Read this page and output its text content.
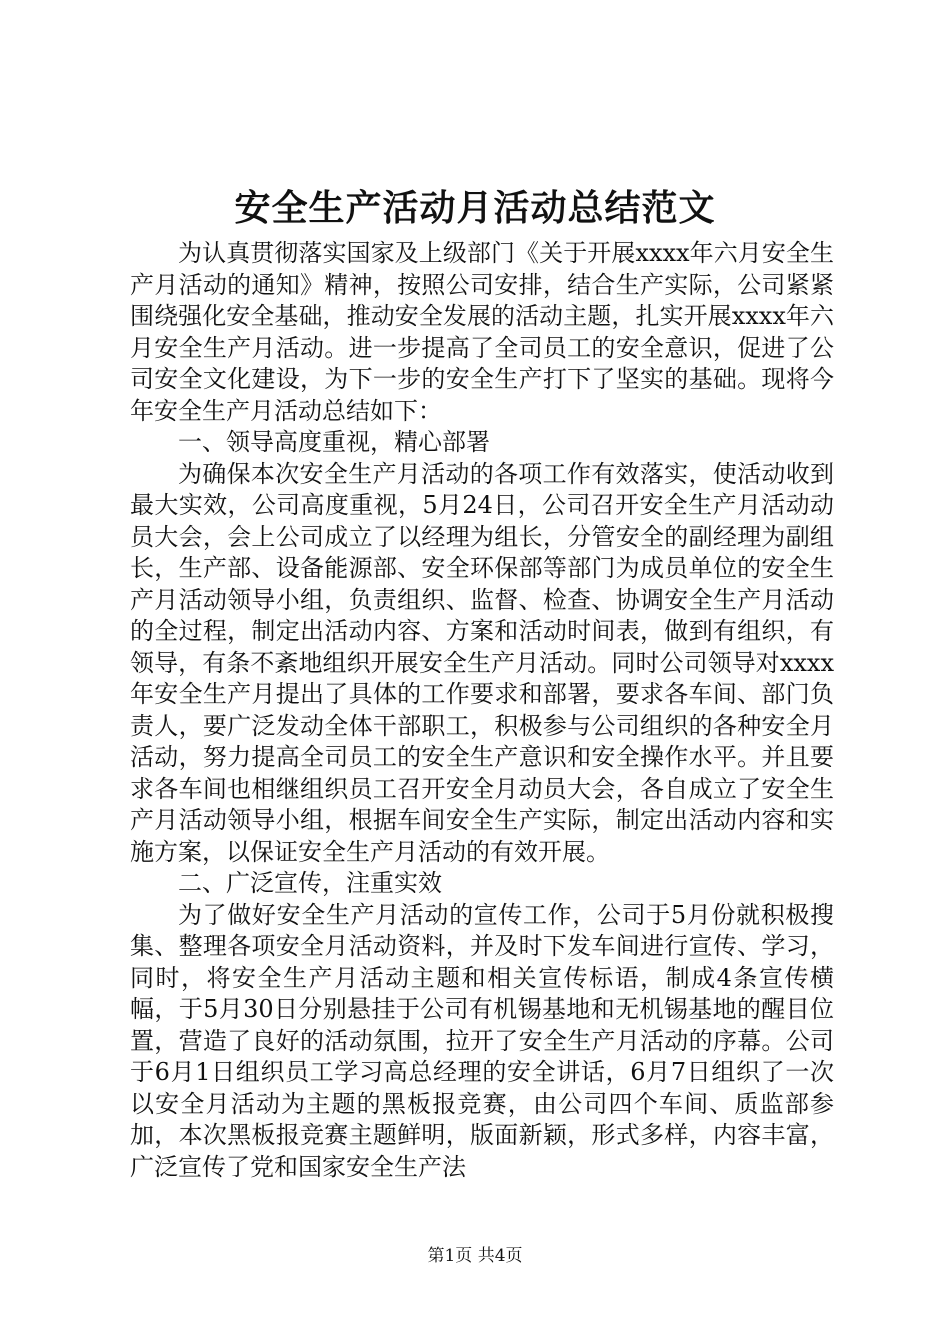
安全生产活动月活动总结范文

为认真贯彻落实国家及上级部门《关于开展xxxx年六月安全生产月活动的通知》精神，按照公司安排，结合生产实际，公司紧紧围绕强化安全基础，推动安全发展的活动主题，扎实开展xxxx年六月安全生产月活动。进一步提高了全司员工的安全意识，促进了公司安全文化建设，为下一步的安全生产打下了坚实的基础。现将今年安全生产月活动总结如下：

一、领导高度重视，精心部署

为确保本次安全生产月活动的各项工作有效落实，使活动收到最大实效，公司高度重视，5月24日，公司召开安全生产月活动动员大会，会上公司成立了以经理为组长，分管安全的副经理为副组长，生产部、设备能源部、安全环保部等部门为成员单位的安全生产月活动领导小组，负责组织、监督、检查、协调安全生产月活动的全过程，制定出活动内容、方案和活动时间表，做到有组织，有领导，有条不紊地组织开展安全生产月活动。同时公司领导对xxxx年安全生产月提出了具体的工作要求和部署，要求各车间、部门负责人，要广泛发动全体干部职工，积极参与公司组织的各种安全月活动，努力提高全司员工的安全生产意识和安全操作水平。并且要求各车间也相继组织员工召开安全月动员大会，各自成立了安全生产月活动领导小组，根据车间安全生产实际，制定出活动内容和实施方案，以保证安全生产月活动的有效开展。

二、广泛宣传，注重实效

为了做好安全生产月活动的宣传工作，公司于5月份就积极搜集、整理各项安全月活动资料，并及时下发车间进行宣传、学习，同时，将安全生产月活动主题和相关宣传标语，制成4条宣传横幅，于5月30日分别悬挂于公司有机锡基地和无机锡基地的醒目位置，营造了良好的活动氛围，拉开了安全生产月活动的序幕。公司于6月1日组织员工学习高总经理的安全讲话，6月7日组织了一次以安全月活动为主题的黑板报竞赛，由公司四个车间、质监部参加，本次黑板报竞赛主题鲜明，版面新颖，形式多样，内容丰富，广泛宣传了党和国家安全生产法

第1页 共4页
